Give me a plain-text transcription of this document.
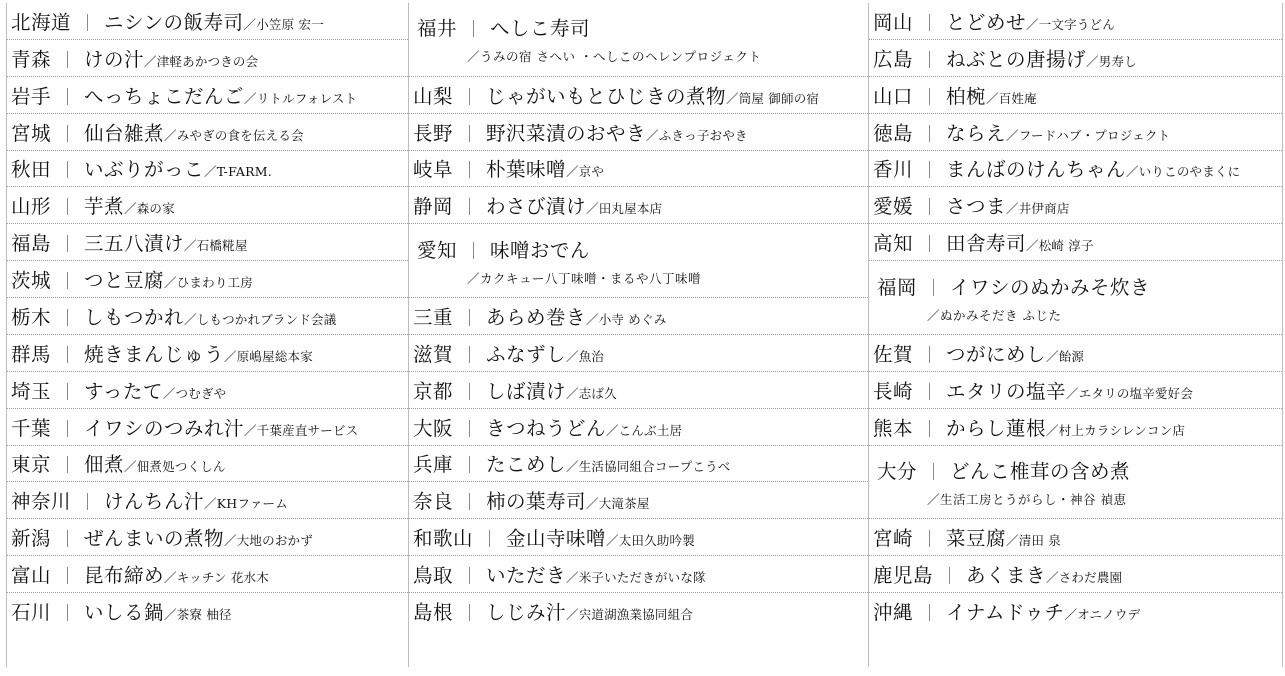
北海道 ｜ ニシンの飯寿司 ／小笠原 宏一
青森 ｜ けの汁 ／津軽あかつきの会
岩手 ｜ へっちょこだんご ／リトルフォレスト
宮城 ｜ 仙台雑煮 ／みやぎの食を伝える会
秋田 ｜ いぶりがっこ ／T-FARM.
山形 ｜ 芋煮 ／森の家
福島 ｜ 三五八漬け ／石橋糀屋
茨城 ｜ つと豆腐 ／ひまわり工房
栃木 ｜ しもつかれ ／しもつかれブランド会議
群馬 ｜ 焼きまんじゅう ／原嶋屋総本家
埼玉 ｜ すったて ／つむぎや
千葉 ｜ イワシのつみれ汁 ／千葉産直サービス
東京 ｜ 佃煮 ／佃煮処つくしん
神奈川 ｜ けんちん汁 ／KHファーム
新潟 ｜ ぜんまいの煮物 ／大地のおかず
富山 ｜ 昆布締め ／キッチン 花水木
石川 ｜ いしる鍋 ／茶寮 柚径
福井 ｜ へしこ寿司
／うみの宿 さへい ・へしこのヘレンプロジェクト
山梨 ｜ じゃがいもとひじきの煮物 ／筒屋 御師の宿
長野 ｜ 野沢菜漬のおやき ／ふきっ子おやき
岐阜 ｜ 朴葉味噌 ／京や
静岡 ｜ わさび漬け ／田丸屋本店
愛知 ｜ 味噌おでん
／カクキュー八丁味噌・まるや八丁味噌
三重 ｜ あらめ巻き ／小寺 めぐみ
滋賀 ｜ ふなずし ／魚治
京都 ｜ しば漬け ／志ば久
大阪 ｜ きつねうどん ／こんぶ土居
兵庫 ｜ たこめし ／生活協同組合コープこうべ
奈良 ｜ 柿の葉寿司 ／大滝茶屋
和歌山 ｜ 金山寺味噌 ／太田久助吟製
鳥取 ｜ いただき ／米子いただきがいな隊
島根 ｜ しじみ汁 ／宍道湖漁業協同組合
岡山 ｜ とどめせ ／一文字うどん
広島 ｜ ねぶとの唐揚げ ／男寿し
山口 ｜ 柏椀 ／百姓庵
徳島 ｜ ならえ ／フードハブ・プロジェクト
香川 ｜ まんばのけんちゃん ／いりこのやまくに
愛媛 ｜ さつま ／井伊商店
高知 ｜ 田舎寿司 ／松崎 淳子
福岡 ｜ イワシのぬかみそ炊き
／ぬかみそだき ふじた
佐賀 ｜ つがにめし ／飴源
長崎 ｜ エタリの塩辛 ／エタリの塩辛愛好会
熊本 ｜ からし蓮根 ／村上カラシレンコン店
大分 ｜ どんこ椎茸の含め煮
／生活工房とうがらし・神谷 禎恵
宮崎 ｜ 菜豆腐 ／清田 泉
鹿児島 ｜ あくまき ／さわだ農園
沖縄 ｜ イナムドゥチ ／オニノウデ
